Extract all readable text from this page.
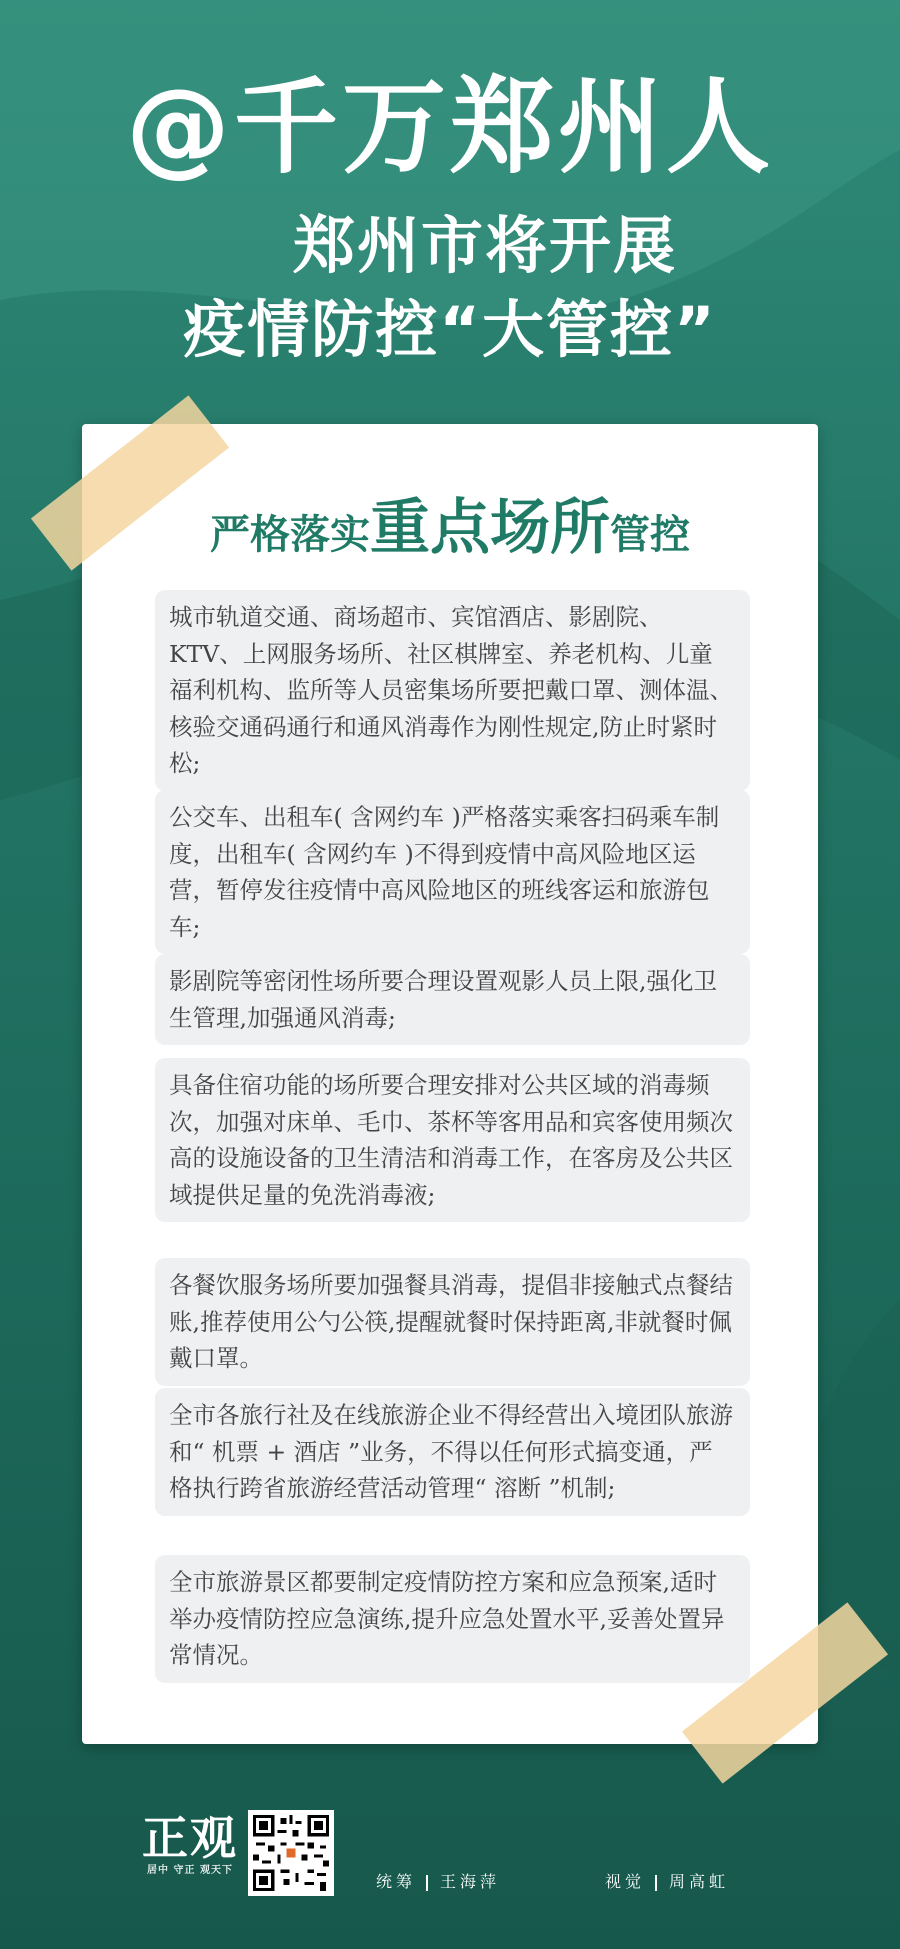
@千万郑州人
郑州市将开展
疫情防控“大管控”
严格落实重点场所管控
城市轨道交通、商场超市、宾馆酒店、影剧院、KTV、上网服务场所、社区棋牌室、养老机构、儿童福利机构、监所等人员密集场所要把戴口罩、测体温、核验交通码通行和通风消毒作为刚性规定,防止时紧时松;
公交车、出租车( 含网约车 )严格落实乘客扫码乘车制度，出租车( 含网约车 )不得到疫情中高风险地区运营，暂停发往疫情中高风险地区的班线客运和旅游包车;
影剧院等密闭性场所要合理设置观影人员上限,强化卫生管理,加强通风消毒;
具备住宿功能的场所要合理安排对公共区域的消毒频次，加强对床单、毛巾、茶杯等客用品和宾客使用频次高的设施设备的卫生清洁和消毒工作，在客房及公共区域提供足量的免洗消毒液;
各餐饮服务场所要加强餐具消毒，提倡非接触式点餐结账,推荐使用公勺公筷,提醒就餐时保持距离,非就餐时佩戴口罩。
全市各旅行社及在线旅游企业不得经营出入境团队旅游和“ 机票 + 酒店 ”业务，不得以任何形式搞变通，严格执行跨省旅游经营活动管理“ 溶断 ”机制;
全市旅游景区都要制定疫情防控方案和应急预案,适时举办疫情防控应急演练,提升应急处置水平,妥善处置异常情况。
正观
居中 守正 观天下
统筹 王海萍	视觉 周高虹
